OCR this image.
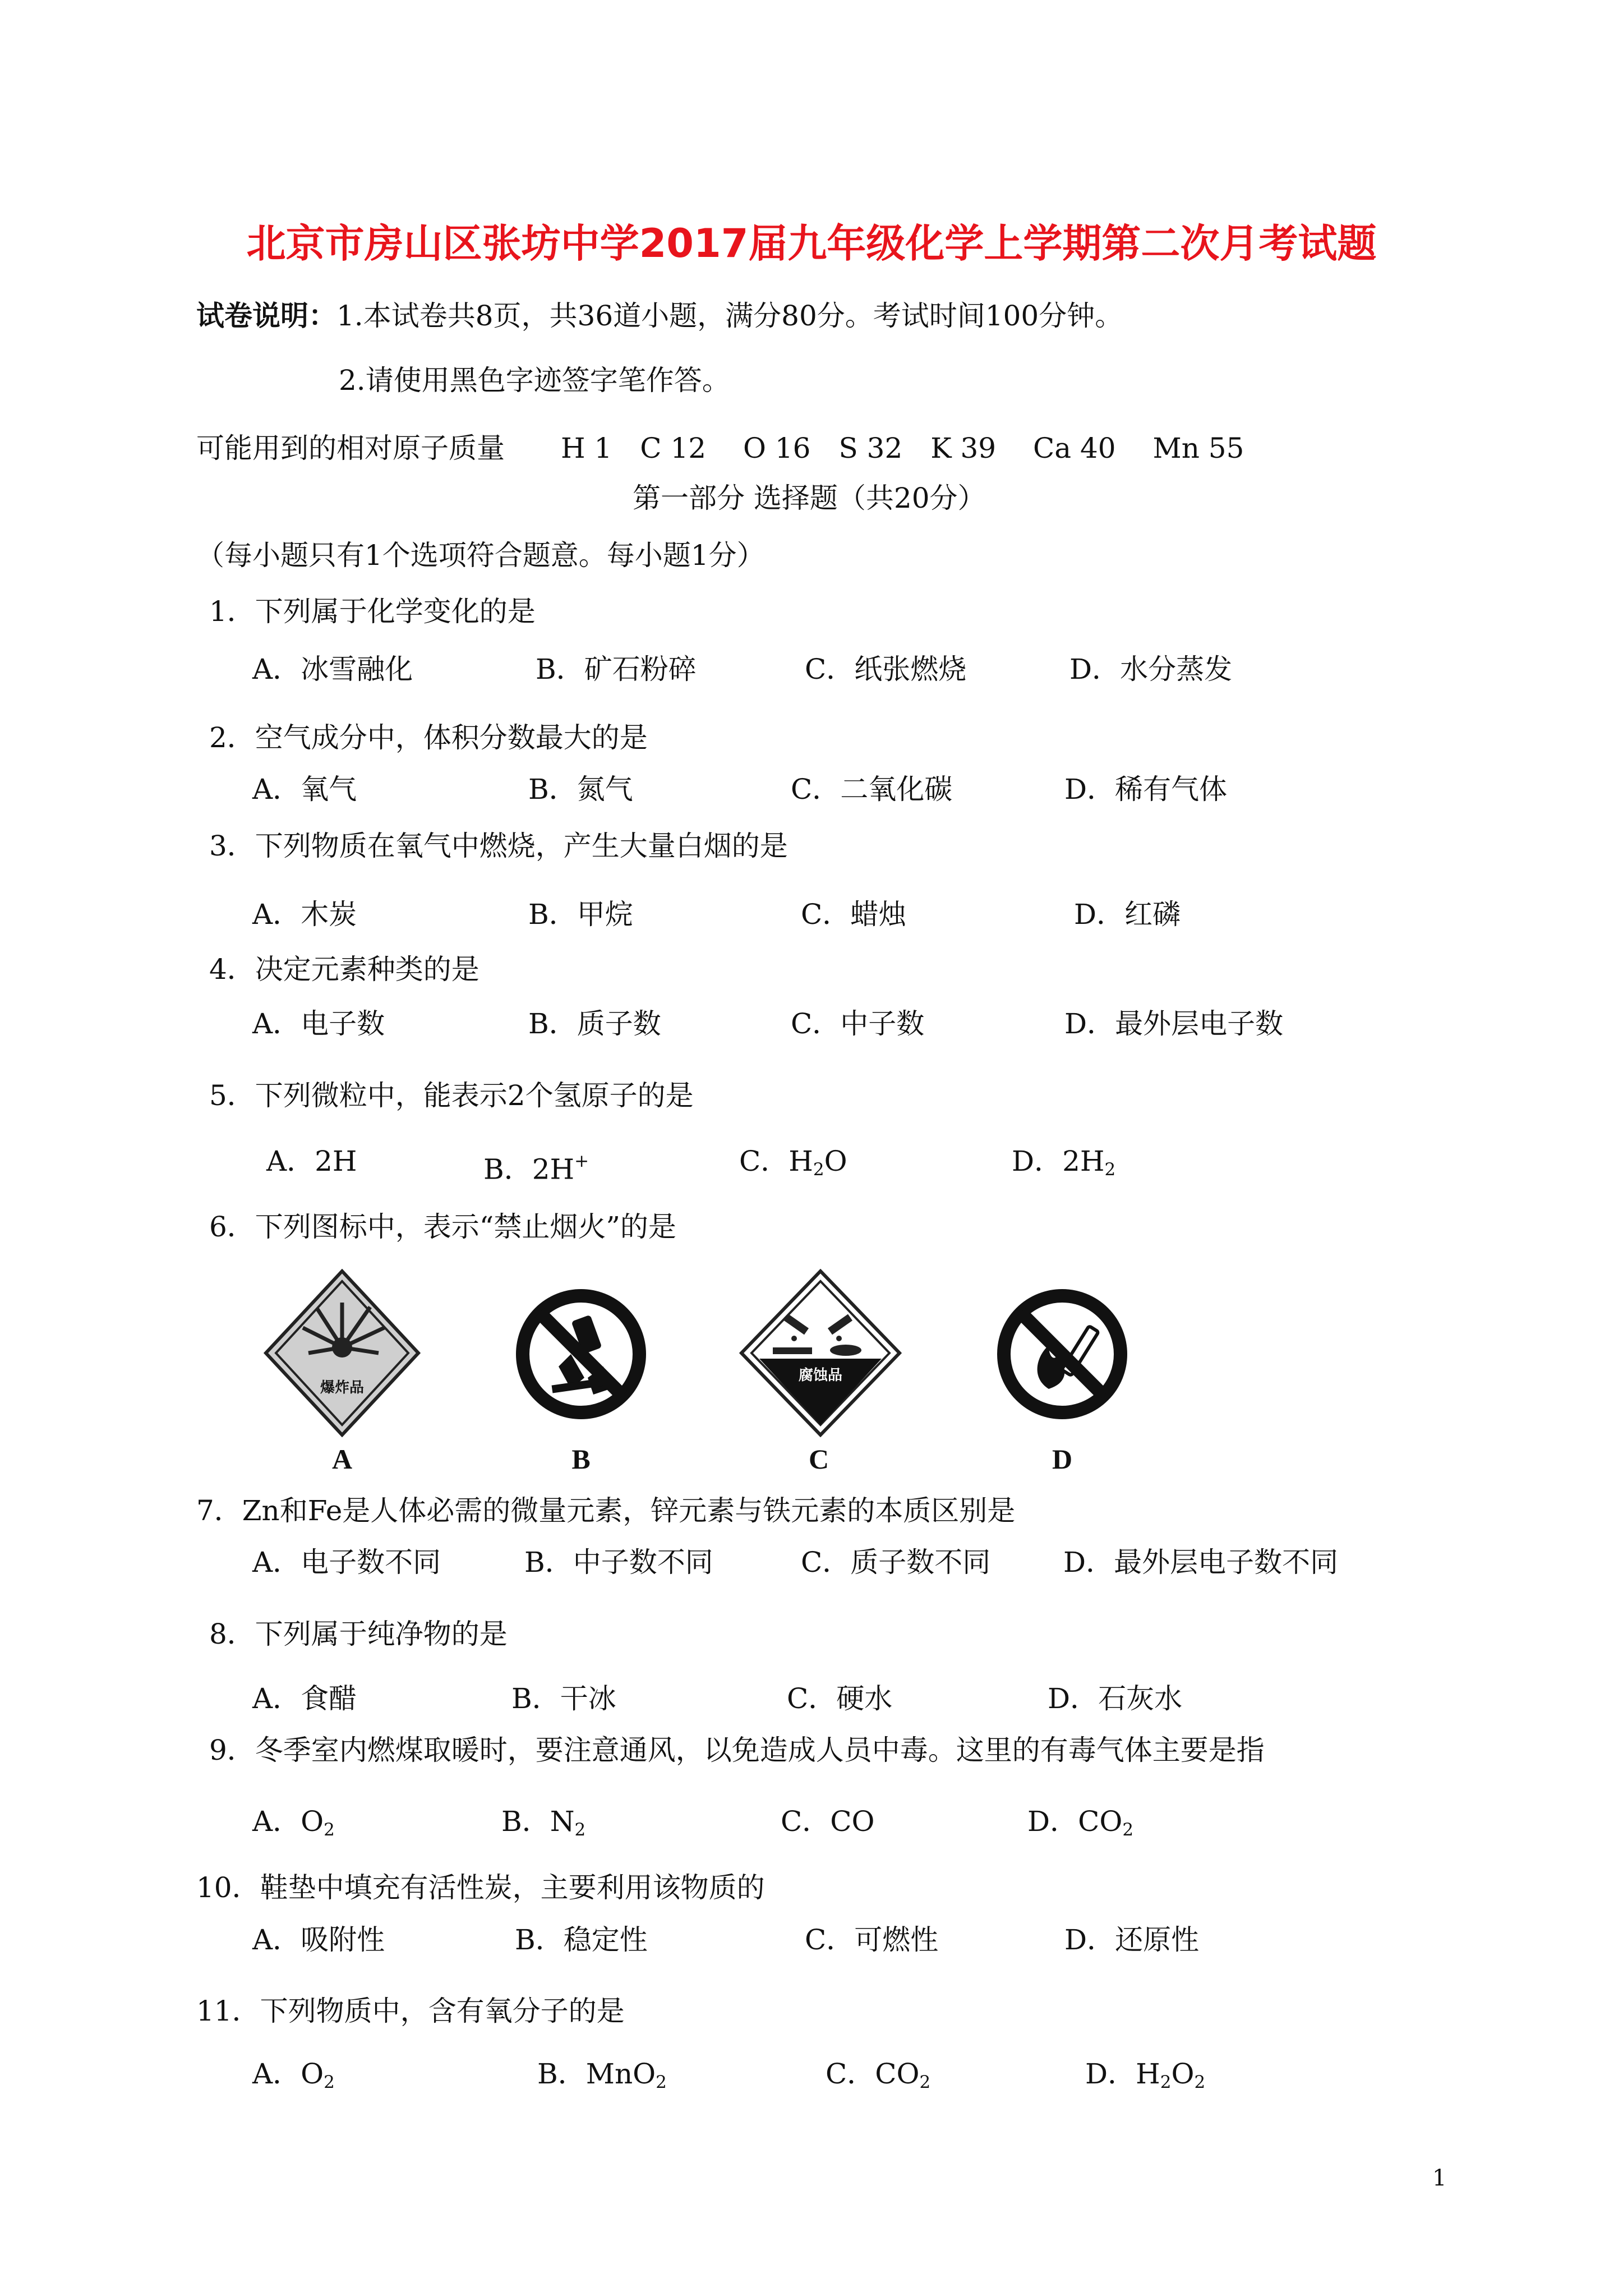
北京市房山区张坊中学2017届九年级化学上学期第二次月考试题
试卷说明：1.本试卷共8页，共36道小题，满分80分。考试时间100分钟。
2.请使用黑色字迹签字笔作答。
可能用到的相对原子质量　　H 1　C 12　 O 16　S 32　K 39　 Ca 40　 Mn 55
第一部分 选择题（共20分）
（每小题只有1个选项符合题意。每小题1分）
1．下列属于化学变化的是
A．冰雪融化	B．矿石粉碎	C．纸张燃烧	D．水分蒸发
2．空气成分中，体积分数最大的是
A．氧气	B．氮气	C．二氧化碳	D．稀有气体
3．下列物质在氧气中燃烧，产生大量白烟的是
A．木炭	B．甲烷	C．蜡烛	D．红磷
4．决定元素种类的是
A．电子数	B．质子数	C．中子数	D．最外层电子数
5．下列微粒中，能表示2个氢原子的是
A．2H	B．2H+	C．$H_2O$	D．$2H_2$
6．下列图标中，表示“禁止烟火”的是
爆炸品
腐蚀品
A	B	C	D
7．Zn和Fe是人体必需的微量元素，锌元素与铁元素的本质区别是
A．电子数不同	B．中子数不同	C．质子数不同	D．最外层电子数不同
8．下列属于纯净物的是
A．食醋	B．干冰	C．硬水	D．石灰水
9．冬季室内燃煤取暖时，要注意通风，以免造成人员中毒。这里的有毒气体主要是指
A．$O_2$	B．$N_2$	C．CO	D．$CO_2$
10．鞋垫中填充有活性炭，主要利用该物质的
A．吸附性	B．稳定性	C．可燃性	D．还原性
11．下列物质中，含有氧分子的是
A．$O_2$	B．MnO$_2$	C．$CO_2$	D．$H_2O_2$
1
